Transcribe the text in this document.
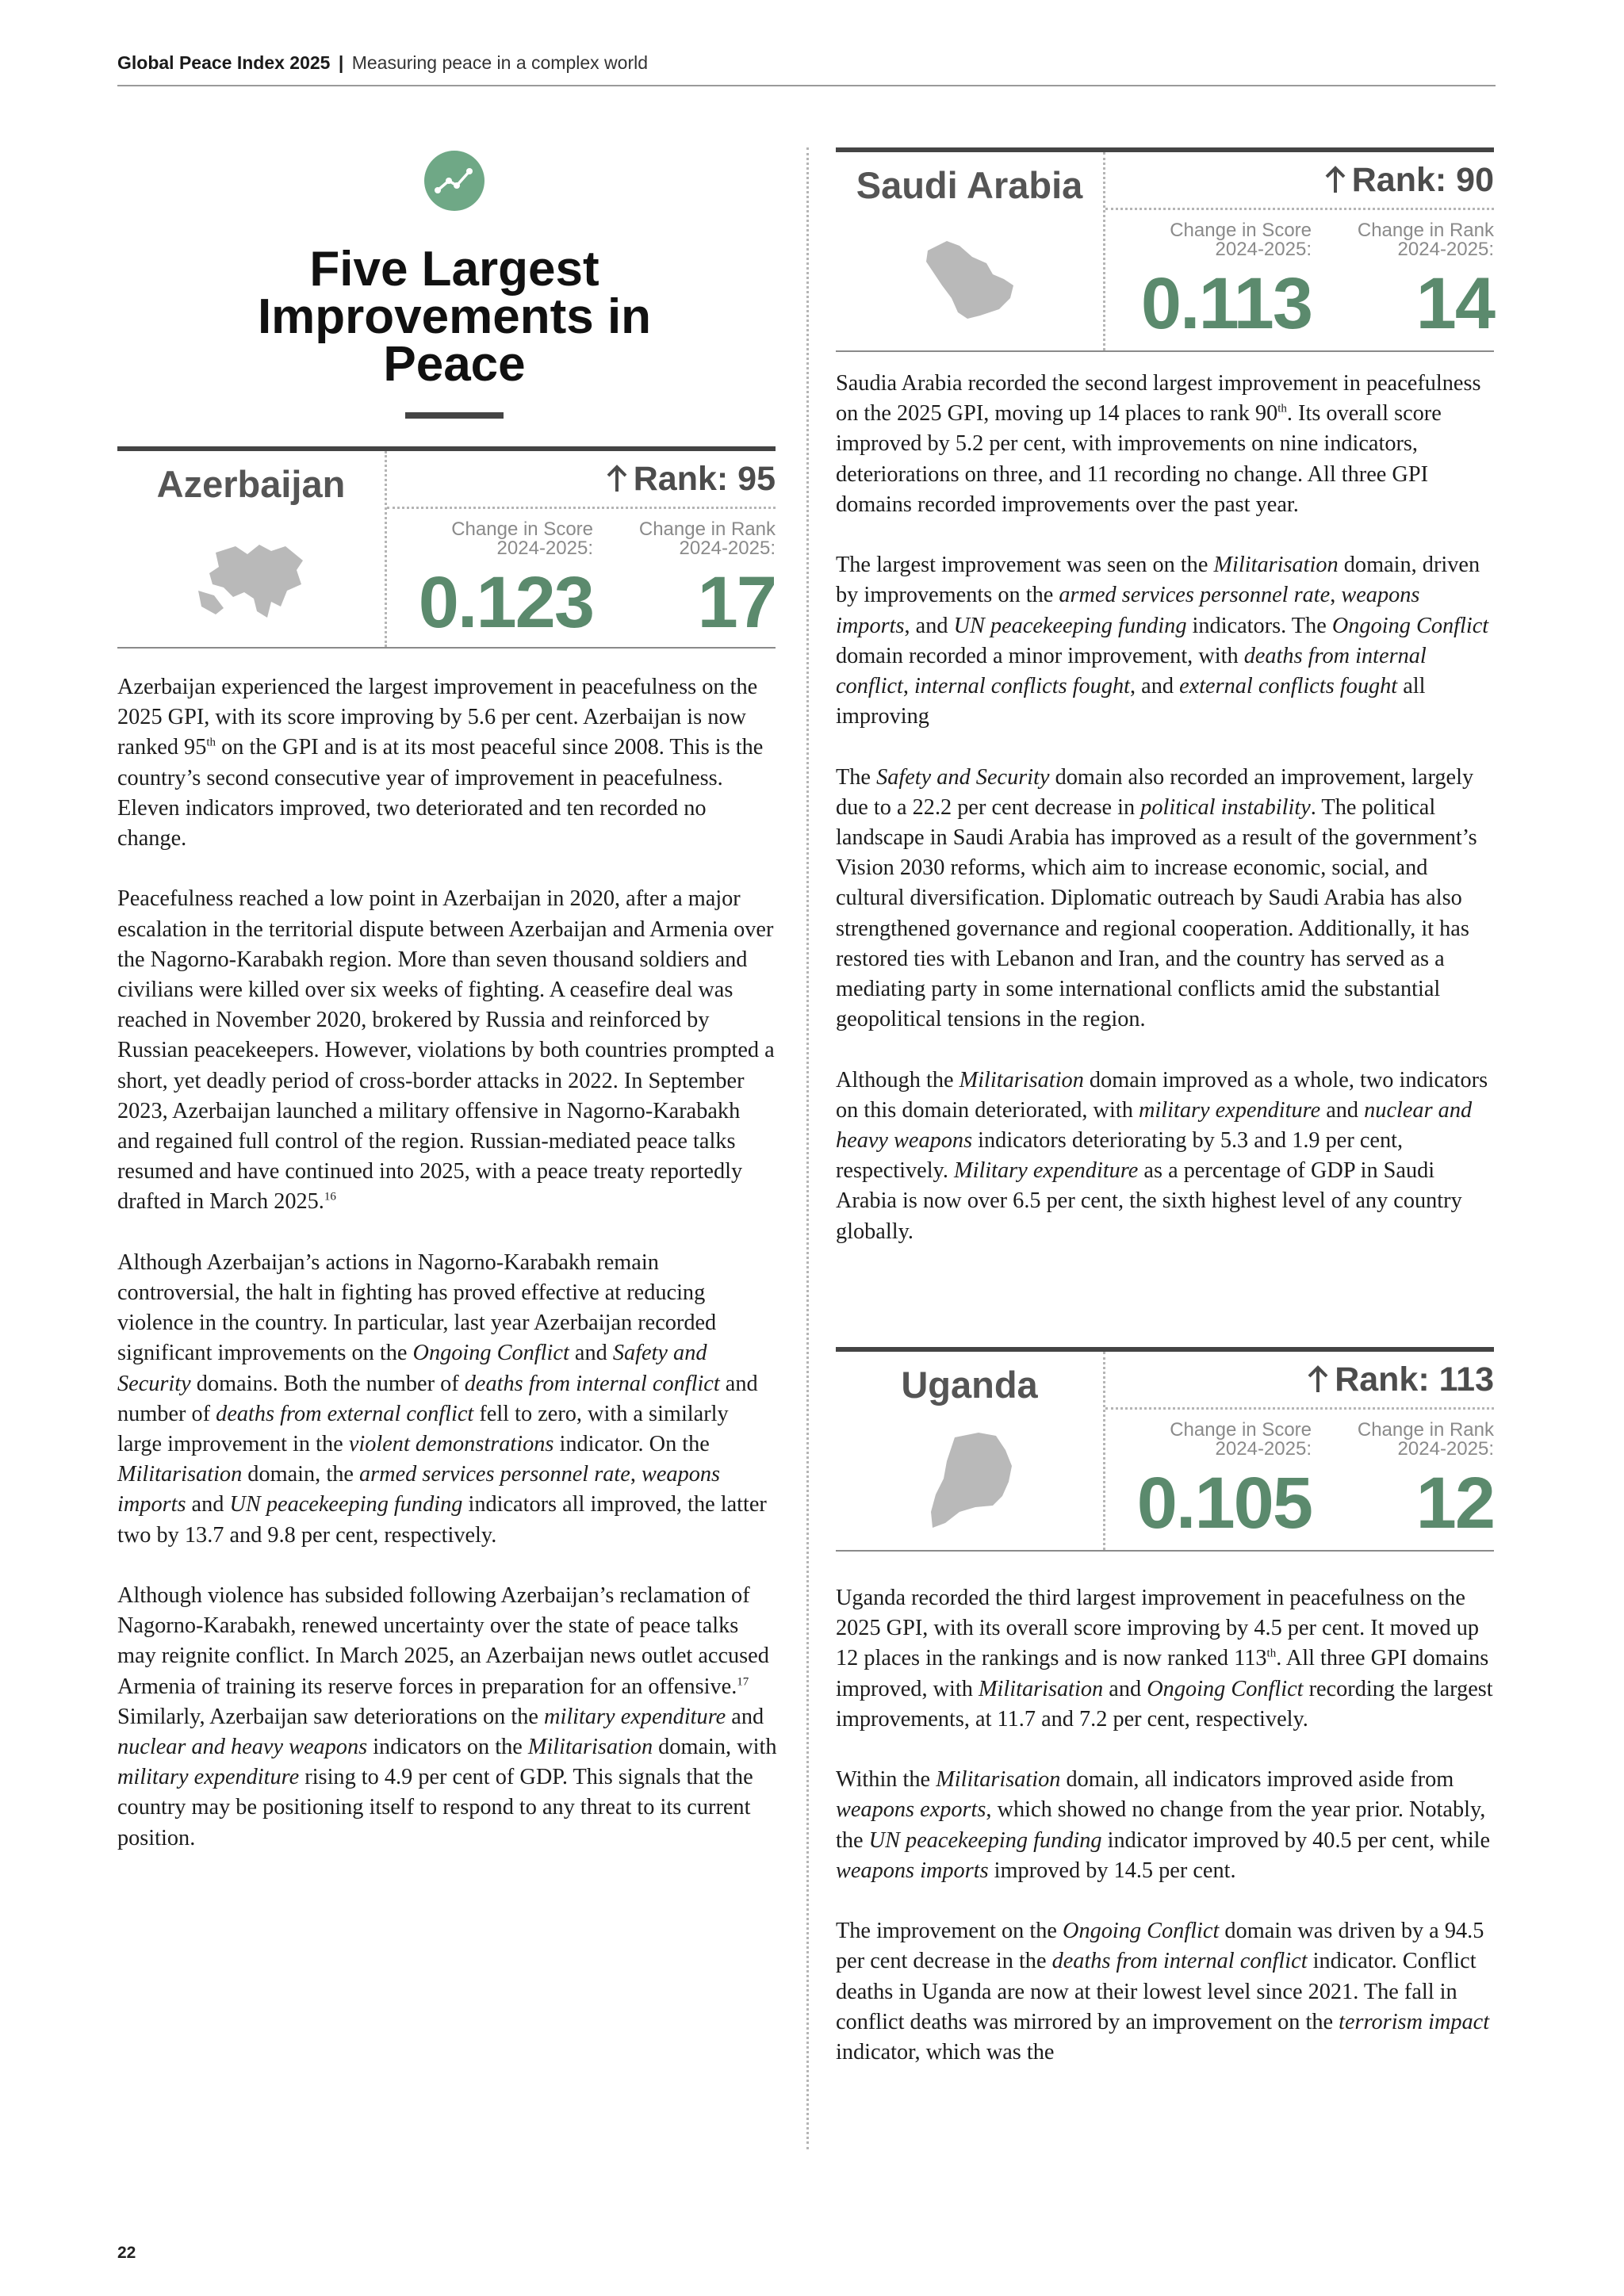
Global Peace Index 2025 | Measuring peace in a complex world
Five Largest Improvements in Peace
Azerbaijan	Rank: 95
Change in Score
2024-2025:
0.123
Change in Rank
2024-2025:
17

Azerbaijan experienced the largest improvement in peacefulness on the 2025 GPI, with its score improving by 5.6 per cent. Azerbaijan is now ranked 95th on the GPI and is at its most peaceful since 2008. This is the country’s second consecutive year of improvement in peacefulness. Eleven indicators improved, two deteriorated and ten recorded no change.

Peacefulness reached a low point in Azerbaijan in 2020, after a major escalation in the territorial dispute between Azerbaijan and Armenia over the Nagorno-Karabakh region. More than seven thousand soldiers and civilians were killed over six weeks of fighting. A ceasefire deal was reached in November 2020, brokered by Russia and reinforced by Russian peacekeepers. However, violations by both countries prompted a short, yet deadly period of cross-border attacks in 2022. In September 2023, Azerbaijan launched a military offensive in Nagorno-Karabakh and regained full control of the region. Russian-mediated peace talks resumed and have continued into 2025, with a peace treaty reportedly drafted in March 2025.16

Although Azerbaijan’s actions in Nagorno-Karabakh remain controversial, the halt in fighting has proved effective at reducing violence in the country. In particular, last year Azerbaijan recorded significant improvements on the Ongoing Conflict and Safety and Security domains. Both the number of deaths from internal conflict and number of deaths from external conflict fell to zero, with a similarly large improvement in the violent demonstrations indicator. On the Militarisation domain, the armed services personnel rate, weapons imports and UN peacekeeping funding indicators all improved, the latter two by 13.7 and 9.8 per cent, respectively.

Although violence has subsided following Azerbaijan’s reclamation of Nagorno-Karabakh, renewed uncertainty over the state of peace talks may reignite conflict. In March 2025, an Azerbaijan news outlet accused Armenia of training its reserve forces in preparation for an offensive.$^{17}$ Similarly, Azerbaijan saw deteriorations on the military expenditure and nuclear and heavy weapons indicators on the Militarisation domain, with military expenditure rising to 4.9 per cent of GDP. This signals that the country may be positioning itself to respond to any threat to its current position.

Saudi Arabia	Rank: 90
Change in Score
2024-2025:
0.113
Change in Rank
2024-2025:
14

Saudia Arabia recorded the second largest improvement in peacefulness on the 2025 GPI, moving up 14 places to rank 90th. Its overall score improved by 5.2 per cent, with improvements on nine indicators, deteriorations on three, and 11 recording no change. All three GPI domains recorded improvements over the past year.

The largest improvement was seen on the Militarisation domain, driven by improvements on the armed services personnel rate, weapons imports, and UN peacekeeping funding indicators. The Ongoing Conflict domain recorded a minor improvement, with deaths from internal conflict, internal conflicts fought, and external conflicts fought all improving

The Safety and Security domain also recorded an improvement, largely due to a 22.2 per cent decrease in political instability. The political landscape in Saudi Arabia has improved as a result of the government’s Vision 2030 reforms, which aim to increase economic, social, and cultural diversification. Diplomatic outreach by Saudi Arabia has also strengthened governance and regional cooperation. Additionally, it has restored ties with Lebanon and Iran, and the country has served as a mediating party in some international conflicts amid the substantial geopolitical tensions in the region.

Although the Militarisation domain improved as a whole, two indicators on this domain deteriorated, with military expenditure and nuclear and heavy weapons indicators deteriorating by 5.3 and 1.9 per cent, respectively. Military expenditure as a percentage of GDP in Saudi Arabia is now over 6.5 per cent, the sixth highest level of any country globally.

Uganda	Rank: 113
Change in Score
2024-2025:
0.105
Change in Rank
2024-2025:
12

Uganda recorded the third largest improvement in peacefulness on the 2025 GPI, with its overall score improving by 4.5 per cent. It moved up 12 places in the rankings and is now ranked 113th. All three GPI domains improved, with Militarisation and Ongoing Conflict recording the largest improvements, at 11.7 and 7.2 per cent, respectively.

Within the Militarisation domain, all indicators improved aside from weapons exports, which showed no change from the year prior. Notably, the UN peacekeeping funding indicator improved by 40.5 per cent, while weapons imports improved by 14.5 per cent.

The improvement on the Ongoing Conflict domain was driven by a 94.5 per cent decrease in the deaths from internal conflict indicator. Conflict deaths in Uganda are now at their lowest level since 2021. The fall in conflict deaths was mirrored by an improvement on the terrorism impact indicator, which was the

22
